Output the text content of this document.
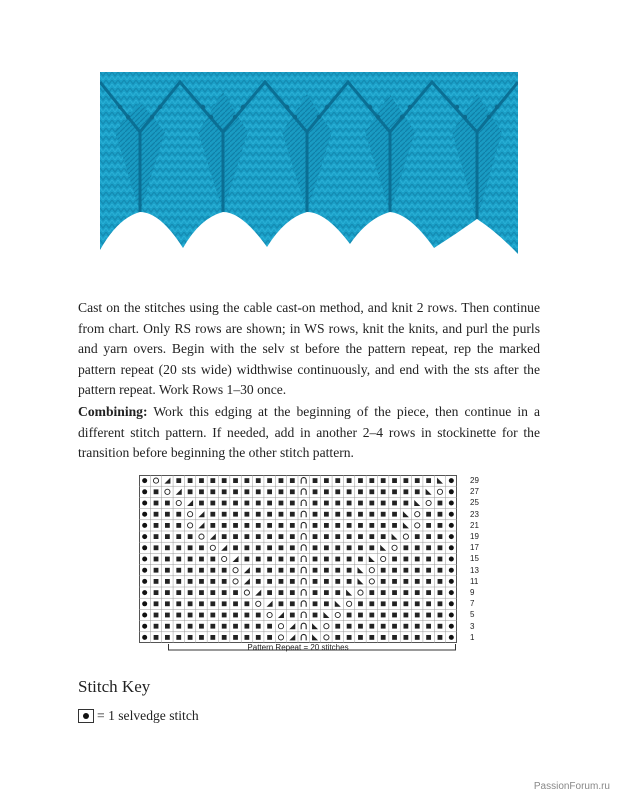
Cast on the stitches using the cable cast-on method, and knit 2 rows. Then continue from chart. Only RS rows are shown; in WS rows, knit the knits, and purl the purls and yarn overs. Begin with the selv st before the pattern repeat, rep the marked pattern repeat (20 sts wide) widthwise continuously, and end with the sts after the pattern repeat. Work Rows 1–30 once.

Combining: Work this edging at the beginning of the piece, then continue in a different stitch pattern. If needed, add in another 2–4 rows in stockinette for the transition before beginning the other stitch pattern.

29
27
25
23
21
19
17
15
13
11
9
7
5
3
1
Pattern Repeat = 20 stitches
Stitch Key
= 1 selvedge stitch
PassionForum.ru
